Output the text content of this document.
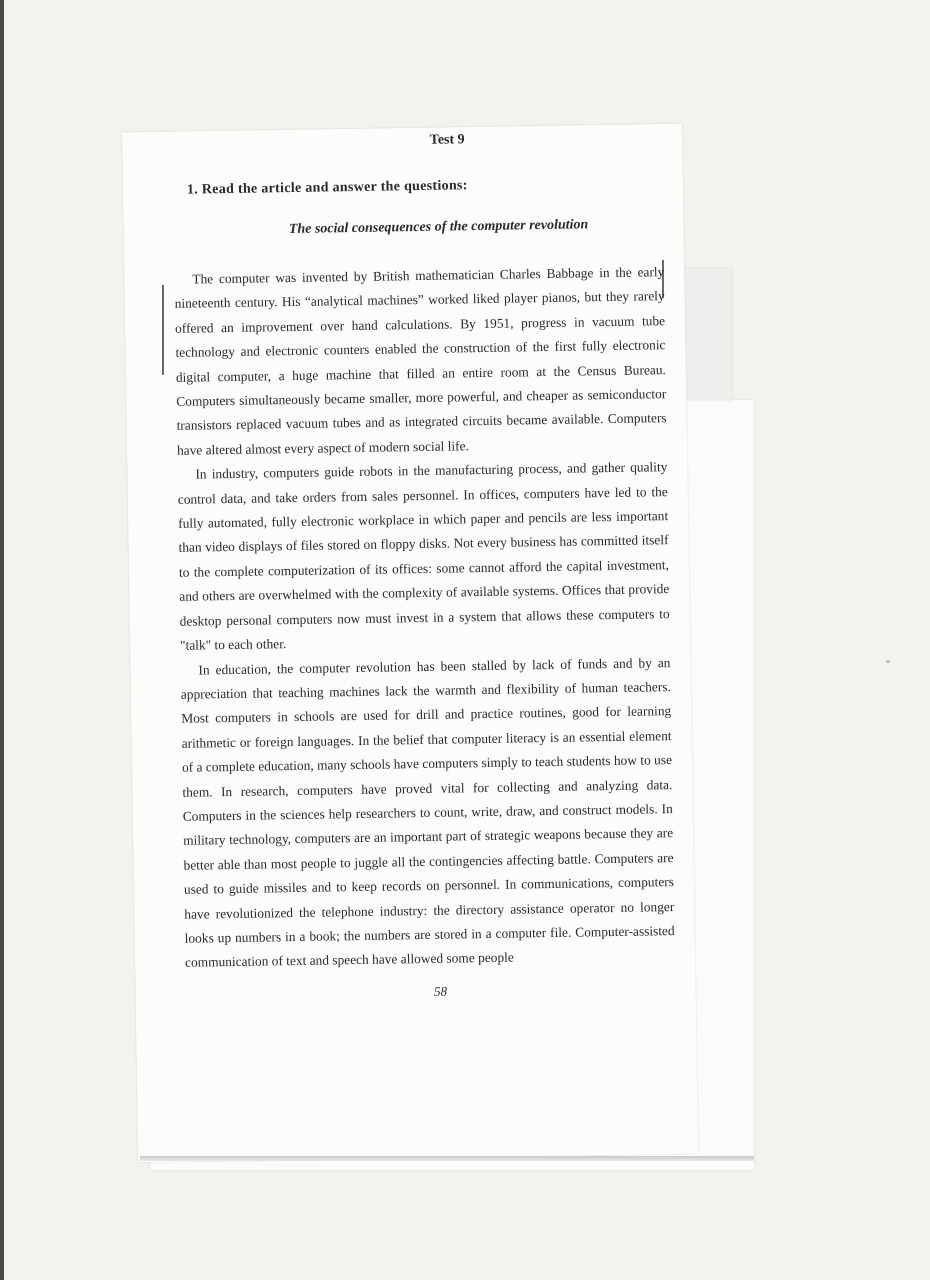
Test 9
1. Read the article and answer the questions:
The social consequences of the computer revolution

The computer was invented by British mathematician Charles Babbage in the early nineteenth century. His “analytical machines” worked liked player pianos, but they rarely offered an improvement over hand calculations. By 1951, progress in vacuum tube technology and electronic counters enabled the construction of the first fully electronic digital computer, a huge machine that filled an entire room at the Census Bureau. Computers simultaneously became smaller, more powerful, and cheaper as semiconductor transistors replaced vacuum tubes and as integrated circuits became available. Computers have altered almost every aspect of modern social life.

In industry, computers guide robots in the manufacturing process, and gather quality control data, and take orders from sales personnel. In offices, computers have led to the fully automated, fully electronic workplace in which paper and pencils are less important than video displays of files stored on floppy disks. Not every business has committed itself to the complete computerization of its offices: some cannot afford the capital investment, and others are overwhelmed with the complexity of available systems. Offices that provide desktop personal computers now must invest in a system that allows these computers to "talk" to each other.

In education, the computer revolution has been stalled by lack of funds and by an appreciation that teaching machines lack the warmth and flexibility of human teachers. Most computers in schools are used for drill and practice routines, good for learning arithmetic or foreign languages. In the belief that computer literacy is an essential element of a complete education, many schools have computers simply to teach students how to use them. In research, computers have proved vital for collecting and analyzing data. Computers in the sciences help researchers to count, write, draw, and construct models. In military technology, computers are an important part of strategic weapons because they are better able than most people to juggle all the contingencies affecting battle. Computers are used to guide missiles and to keep records on personnel. In communications, computers have revolutionized the telephone industry: the directory assistance operator no longer looks up numbers in a book; the numbers are stored in a computer file. Computer-assisted communication of text and speech have allowed some people

58
